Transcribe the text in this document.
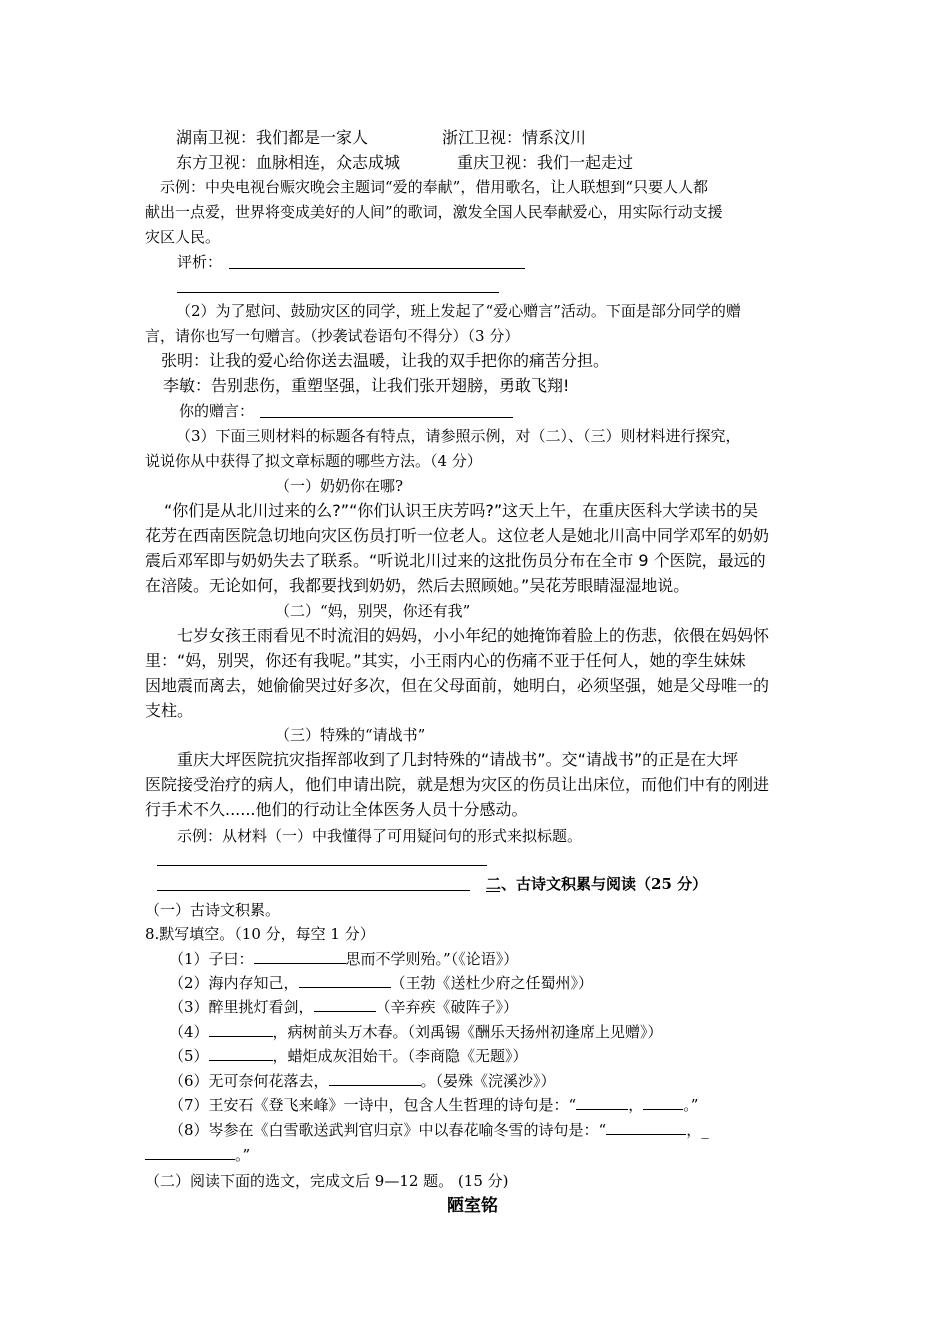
湖南卫视：我们都是一家人	浙江卫视：情系汶川
东方卫视：血脉相连，众志成城	重庆卫视：我们一起走过
示例：中央电视台赈灾晚会主题词“爱的奉献”，借用歌名，让人联想到“只要人人都
献出一点爱，世界将变成美好的人间”的歌词，激发全国人民奉献爱心，用实际行动支援
灾区人民。
评析：
（2）为了慰问、鼓励灾区的同学，班上发起了“爱心赠言”活动。下面是部分同学的赠
言，请你也写一句赠言。（抄袭试卷语句不得分）（3 分）
张明：让我的爱心给你送去温暖，让我的双手把你的痛苦分担。
李敏：告别悲伤，重塑坚强，让我们张开翅膀，勇敢飞翔!
你的赠言：
（3）下面三则材料的标题各有特点，请参照示例，对（二）、（三）则材料进行探究，
说说你从中获得了拟文章标题的哪些方法。（4 分）
（一）奶奶你在哪?
“你们是从北川过来的么?”“你们认识王庆芳吗?”这天上午，在重庆医科大学读书的吴
花芳在西南医院急切地向灾区伤员打听一位老人。这位老人是她北川高中同学邓军的奶奶
震后邓军即与奶奶失去了联系。“听说北川过来的这批伤员分布在全市 9 个医院，最远的
在涪陵。无论如何，我都要找到奶奶，然后去照顾她。”吴花芳眼睛湿湿地说。
（二）“妈，别哭，你还有我”
七岁女孩王雨看见不时流泪的妈妈，小小年纪的她掩饰着脸上的伤悲，依偎在妈妈怀
里：“妈，别哭，你还有我呢。”其实，小王雨内心的伤痛不亚于任何人，她的孪生妹妹
因地震而离去，她偷偷哭过好多次，但在父母面前，她明白，必须坚强，她是父母唯一的
支柱。
（三）特殊的“请战书”
重庆大坪医院抗灾指挥部收到了几封特殊的“请战书”。交“请战书”的正是在大坪
医院接受治疗的病人，他们申请出院，就是想为灾区的伤员让出床位，而他们中有的刚进
行手术不久......他们的行动让全体医务人员十分感动。
示例：从材料（一）中我懂得了可用疑问句的形式来拟标题。
二、古诗文积累与阅读（25 分）
（一）古诗文积累。
8.默写填空。（10 分，每空 1 分）
（1）子曰：	思而不学则殆。”（《论语》）
（2）海内存知己，	（王勃《送杜少府之任蜀州》）
（3）醉里挑灯看剑，	（辛弃疾《破阵子》）
（4）	，病树前头万木春。（刘禹锡《酬乐天扬州初逢席上见赠》）
（5）	，蜡炬成灰泪始干。（李商隐《无题》）
（6）无可奈何花落去，	。（晏殊《浣溪沙》）
（7）王安石《登飞来峰》一诗中，包含人生哲理的诗句是：“	，	。”
（8）岑参在《白雪歌送武判官归京》中以春花喻冬雪的诗句是：“	，_
。”
（二）阅读下面的选文，完成文后 9—12 题。 (15 分)
陋室铭
